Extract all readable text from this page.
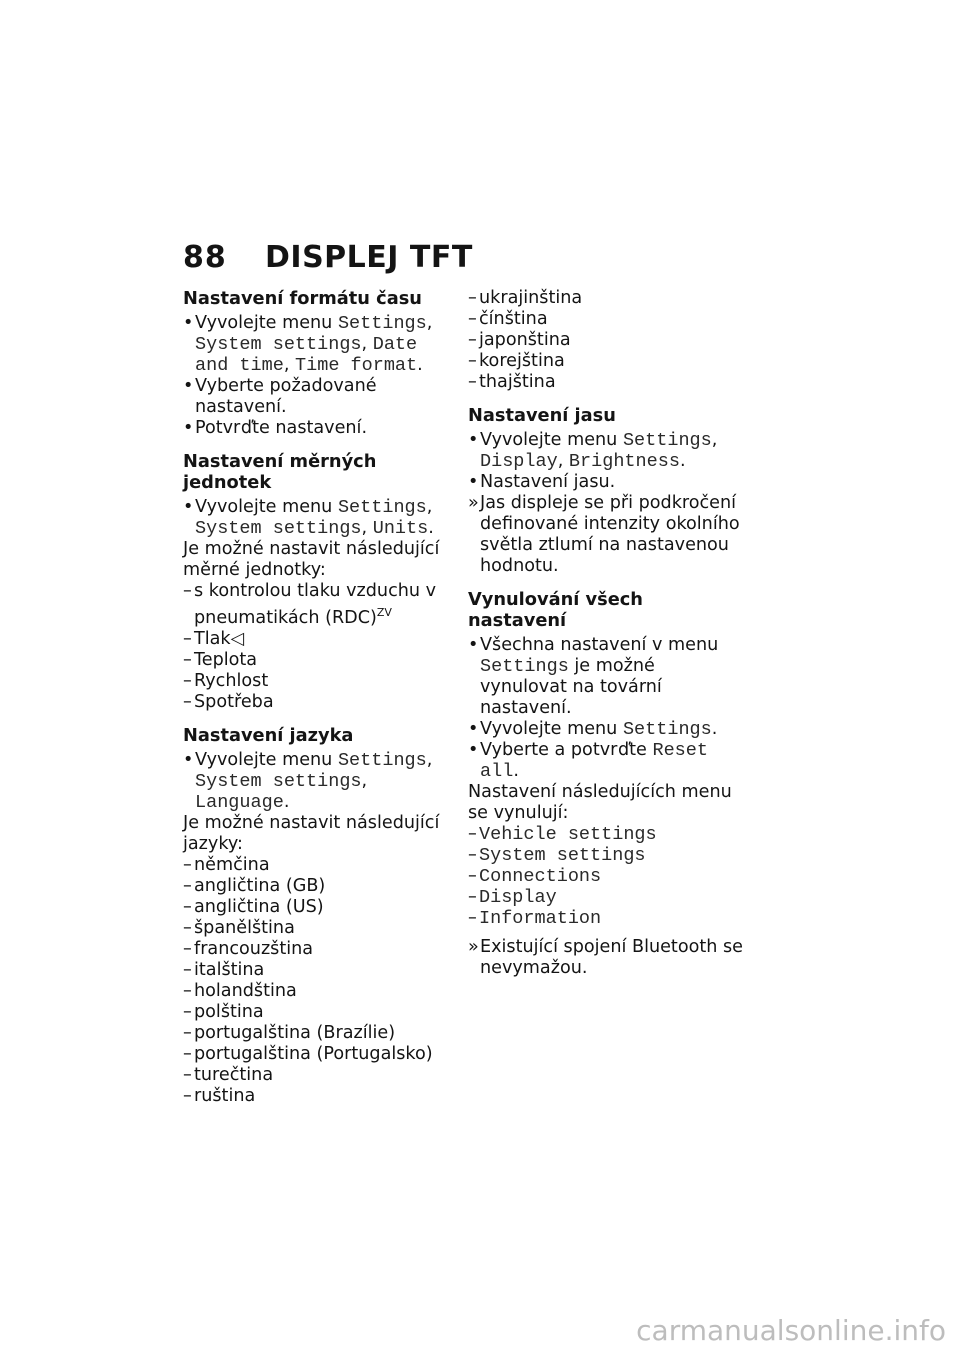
88 DISPLEJ TFT
Nastavení formátu času
• Vyvolejte menu Settings, System settings, Date and time, Time format.
• Vyberte požadované nastavení.
• Potvrďte nastavení.
Nastavení měrných jednotek
• Vyvolejte menu Settings, System settings, Units.
Je možné nastavit následující měrné jednotky:
– s kontrolou tlaku vzduchu v pneumatikách (RDC)$^{ZV}$
– Tlak◁
– Teplota
– Rychlost
– Spotřeba
Nastavení jazyka
• Vyvolejte menu Settings, System settings, Language.
Je možné nastavit následující jazyky:
– němčina
– angličtina (GB)
– angličtina (US)
– španělština
– francouzština
– italština
– holandština
– polština
– portugalština (Brazílie)
– portugalština (Portugalsko)
– turečtina
– ruština
– ukrajinština
– čínština
– japonština
– korejština
– thajština
Nastavení jasu
• Vyvolejte menu Settings, Display, Brightness.
• Nastavení jasu.
» Jas displeje se při podkročení definované intenzity okolního světla ztlumí na nastavenou hodnotu.
Vynulování všech nastavení
• Všechna nastavení v menu Settings je možné vynulovat na tovární nastavení.
• Vyvolejte menu Settings.
• Vyberte a potvrďte Reset all.
Nastavení následujících menu se vynulují:
– Vehicle settings
– System settings
– Connections
– Display
– Information
» Existující spojení Bluetooth se nevymažou.
carmanualsonline.info
